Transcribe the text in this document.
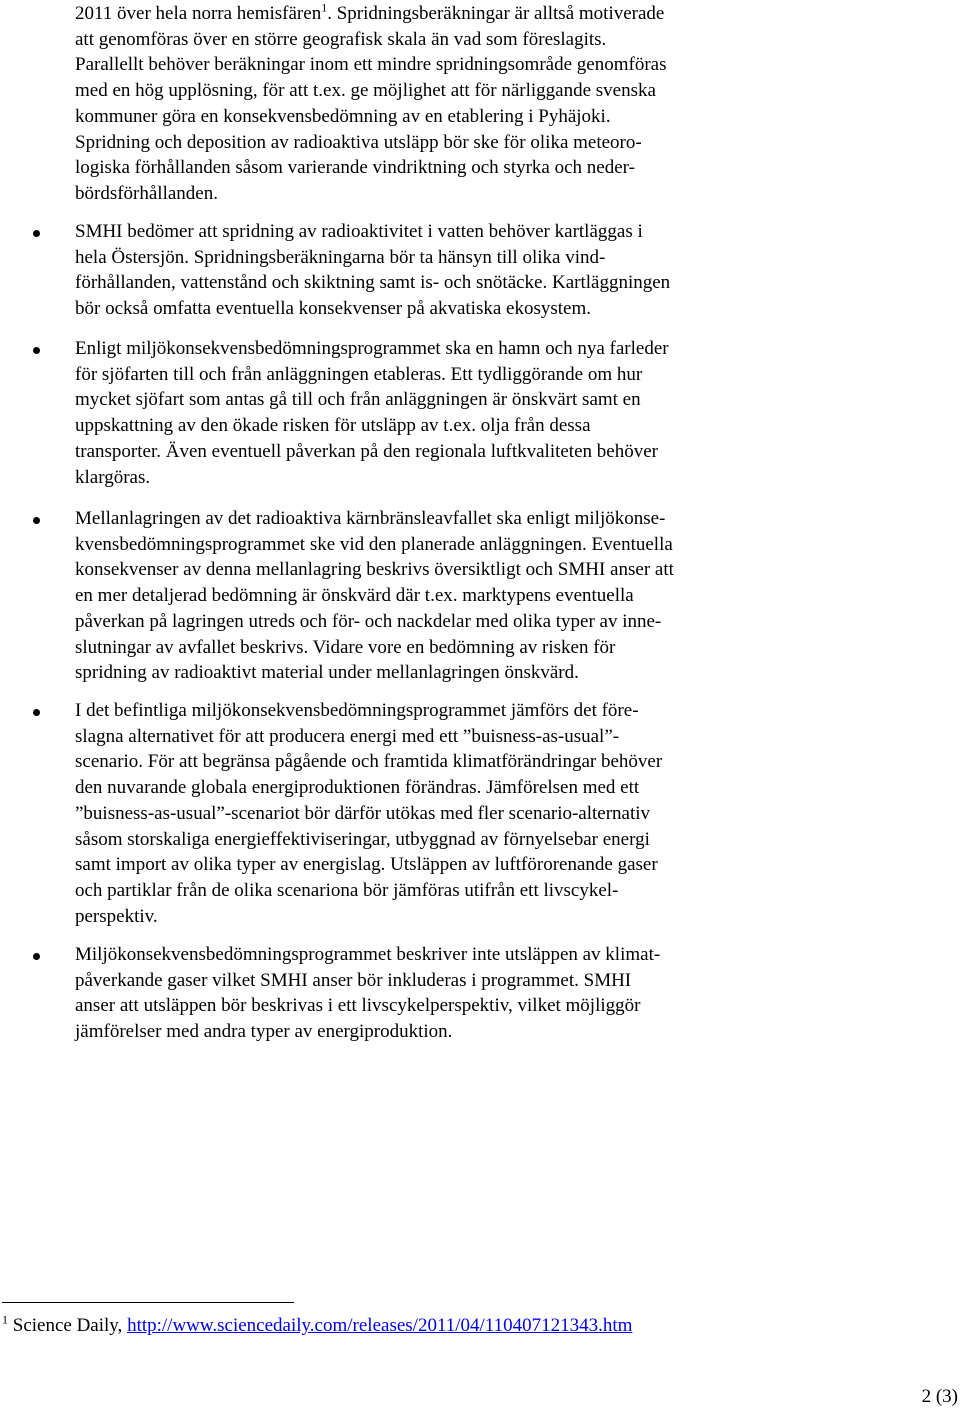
2011 över hela norra hemisfären$^1$. Spridningsberäkningar är alltså motiverade
att genomföras över en större geografisk skala än vad som föreslagits.
Parallellt behöver beräkningar inom ett mindre spridningsområde genomföras
med en hög upplösning, för att t.ex. ge möjlighet att för närliggande svenska
kommuner göra en konsekvensbedömning av en etablering i Pyhäjoki.
Spridning och deposition av radioaktiva utsläpp bör ske för olika meteoro-
logiska förhållanden såsom varierande vindriktning och styrka och neder-
bördsförhållanden.
SMHI bedömer att spridning av radioaktivitet i vatten behöver kartläggas i
hela Östersjön. Spridningsberäkningarna bör ta hänsyn till olika vind-
förhållanden, vattenstånd och skiktning samt is- och snötäcke. Kartläggningen
bör också omfatta eventuella konsekvenser på akvatiska ekosystem.
Enligt miljökonsekvensbedömningsprogrammet ska en hamn och nya farleder
för sjöfarten till och från anläggningen etableras. Ett tydliggörande om hur
mycket sjöfart som antas gå till och från anläggningen är önskvärt samt en
uppskattning av den ökade risken för utsläpp av t.ex. olja från dessa
transporter. Även eventuell påverkan på den regionala luftkvaliteten behöver
klargöras.
Mellanlagringen av det radioaktiva kärnbränsleavfallet ska enligt miljökonse-
kvensbedömningsprogrammet ske vid den planerade anläggningen. Eventuella
konsekvenser av denna mellanlagring beskrivs översiktligt och SMHI anser att
en mer detaljerad bedömning är önskvärd där t.ex. marktypens eventuella
påverkan på lagringen utreds och för- och nackdelar med olika typer av inne-
slutningar av avfallet beskrivs. Vidare vore en bedömning av risken för
spridning av radioaktivt material under mellanlagringen önskvärd.
I det befintliga miljökonsekvensbedömningsprogrammet jämförs det före-
slagna alternativet för att producera energi med ett ”buisness-as-usual”-
scenario. För att begränsa pågående och framtida klimatförändringar behöver
den nuvarande globala energiproduktionen förändras. Jämförelsen med ett
”buisness-as-usual”-scenariot bör därför utökas med fler scenario-alternativ
såsom storskaliga energieffektiviseringar, utbyggnad av förnyelsebar energi
samt import av olika typer av energislag. Utsläppen av luftförorenande gaser
och partiklar från de olika scenariona bör jämföras utifrån ett livscykel-
perspektiv.
Miljökonsekvensbedömningsprogrammet beskriver inte utsläppen av klimat-
påverkande gaser vilket SMHI anser bör inkluderas i programmet. SMHI
anser att utsläppen bör beskrivas i ett livscykelperspektiv, vilket möjliggör
jämförelser med andra typer av energiproduktion.
$^1$ Science Daily, http://www.sciencedaily.com/releases/2011/04/110407121343.htm
2 (3)
